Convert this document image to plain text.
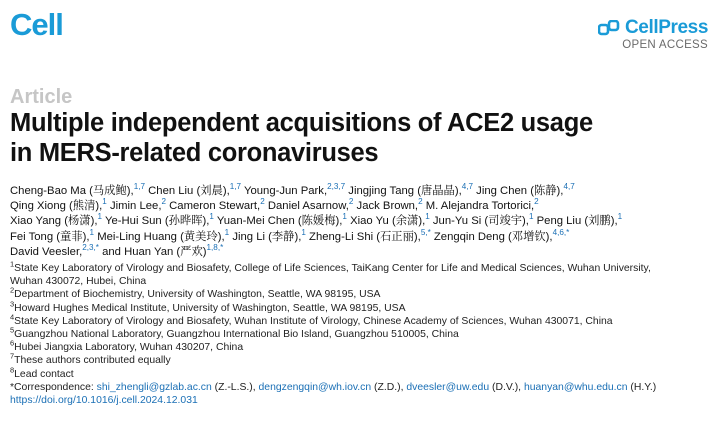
Cell	CellPress
OPEN ACCESS
Article
Multiple independent acquisitions of ACE2 usage
in MERS-related coronaviruses
Cheng-Bao Ma (马成鲍),$^{1,7}$ Chen Liu (刘晨),$^{1,7}$ Young-Jun Park,$^{2,3,7}$ Jingjing Tang (唐晶晶),$^{4,7}$ Jing Chen (陈静),$^{4,7}$
Qing Xiong (熊清),$^1$ Jimin Lee,$^2$ Cameron Stewart,$^2$ Daniel Asarnow,$^2$ Jack Brown,$^2$ M. Alejandra Tortorici,$^2$
Xiao Yang (杨潇),$^1$ Ye-Hui Sun (孙晔晖),$^1$ Yuan-Mei Chen (陈媛梅),$^1$ Xiao Yu (余潇),$^1$ Jun-Yu Si (司竣宇),$^1$ Peng Liu (刘鹏),$^1$
Fei Tong (童菲),$^1$ Mei-Ling Huang (黄美玲),$^1$ Jing Li (李静),$^1$ Zheng-Li Shi (石正丽),$^{5,*}$ Zengqin Deng (邓增钦),$^{4,6,*}$
David Veesler,$^{2,3,*}$ and Huan Yan (严欢)$^{1,8,*}$
$^1$State Key Laboratory of Virology and Biosafety, College of Life Sciences, TaiKang Center for Life and Medical Sciences, Wuhan University,
Wuhan 430072, Hubei, China
$^2$Department of Biochemistry, University of Washington, Seattle, WA 98195, USA
$^3$Howard Hughes Medical Institute, University of Washington, Seattle, WA 98195, USA
$^4$State Key Laboratory of Virology and Biosafety, Wuhan Institute of Virology, Chinese Academy of Sciences, Wuhan 430071, China
$^5$Guangzhou National Laboratory, Guangzhou International Bio Island, Guangzhou 510005, China
$^6$Hubei Jiangxia Laboratory, Wuhan 430207, China
$^7$These authors contributed equally
$^8$Lead contact
*Correspondence: shi_zhengli@gzlab.ac.cn (Z.-L.S.), dengzengqin@wh.iov.cn (Z.D.), dveesler@uw.edu (D.V.), huanyan@whu.edu.cn (H.Y.)
https://doi.org/10.1016/j.cell.2024.12.031
